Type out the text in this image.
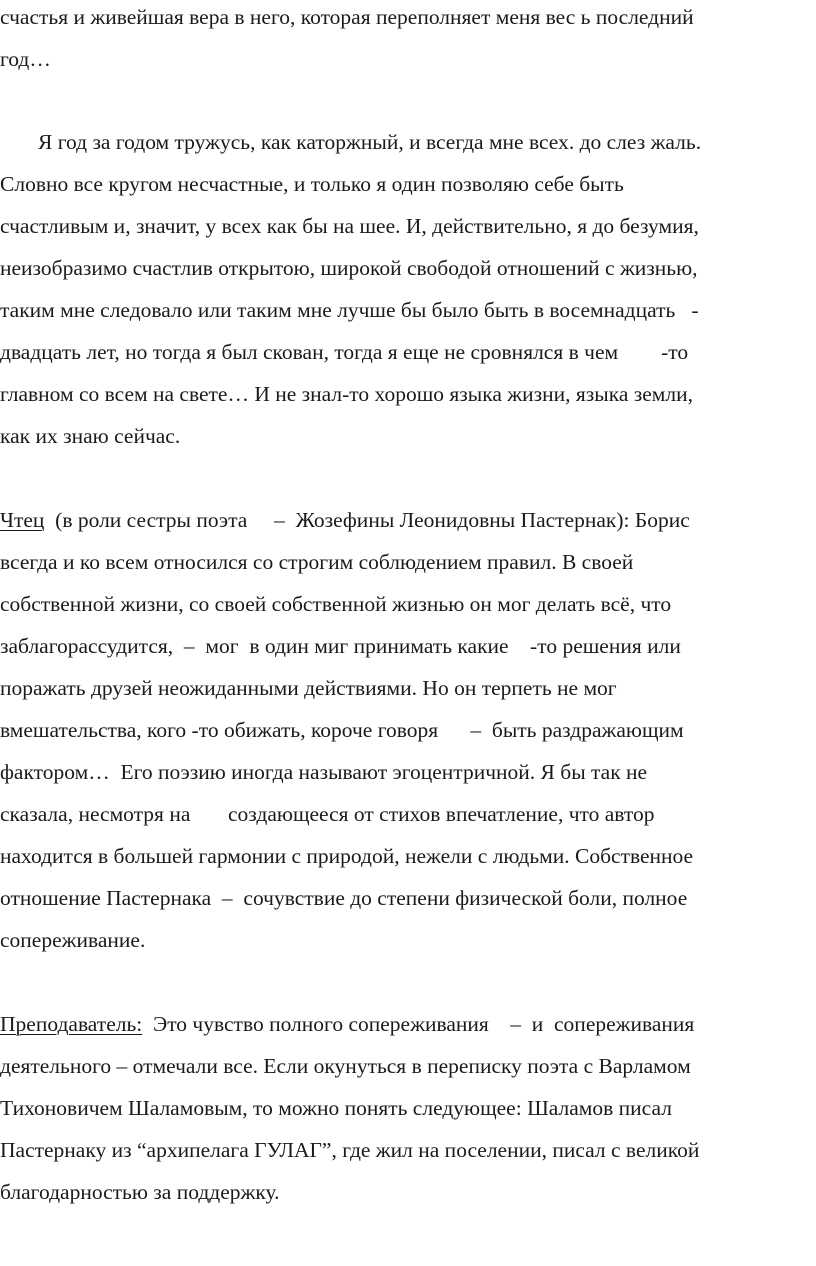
счастья и живейшая вера в него, которая переполняет меня вес ь последний
год…
Я год за годом тружусь, как каторжный, и всегда мне всех. до слез жаль.
Словно все кругом несчастные, и только я один позволяю себе быть
счастливым и, значит, у всех как бы на шее. И, действительно, я до безумия,
неизобразимо счастлив открытою, широкой свободой отношений с жизнью,
таким мне следовало или таким мне лучше бы было быть в восемнадцать   -
двадцать лет, но тогда я был скован, тогда я еще не сровнялся в чем        -то
главном со всем на свете… И не знал-то хорошо языка жизни, языка земли,
как их знаю сейчас.
Чтец  (в роли сестры поэта     –  Жозефины Леонидовны Пастернак): Борис
всегда и ко всем относился со строгим соблюдением правил. В своей
собственной жизни, со своей собственной жизнью он мог делать всё, что
заблагорассудится,  –  мог  в один миг принимать какие    -то решения или
поражать друзей неожиданными действиями. Но он терпеть не мог
вмешательства, кого -то обижать, короче говоря      –  быть раздражающим
фактором…  Его поэзию иногда называют эгоцентричной. Я бы так не
сказала, несмотря на       создающееся от стихов впечатление, что автор
находится в большей гармонии с природой, нежели с людьми. Собственное
отношение Пастернака  –  сочувствие до степени физической боли, полное
сопереживание.
Преподаватель:  Это чувство полного сопереживания    –  и  сопереживания
деятельного – отмечали все. Если окунуться в переписку поэта с Варламом
Тихоновичем Шаламовым, то можно понять следующее: Шаламов писал
Пастернаку из “архипелага ГУЛАГ”, где жил на поселении, писал с великой
благодарностью за поддержку.
